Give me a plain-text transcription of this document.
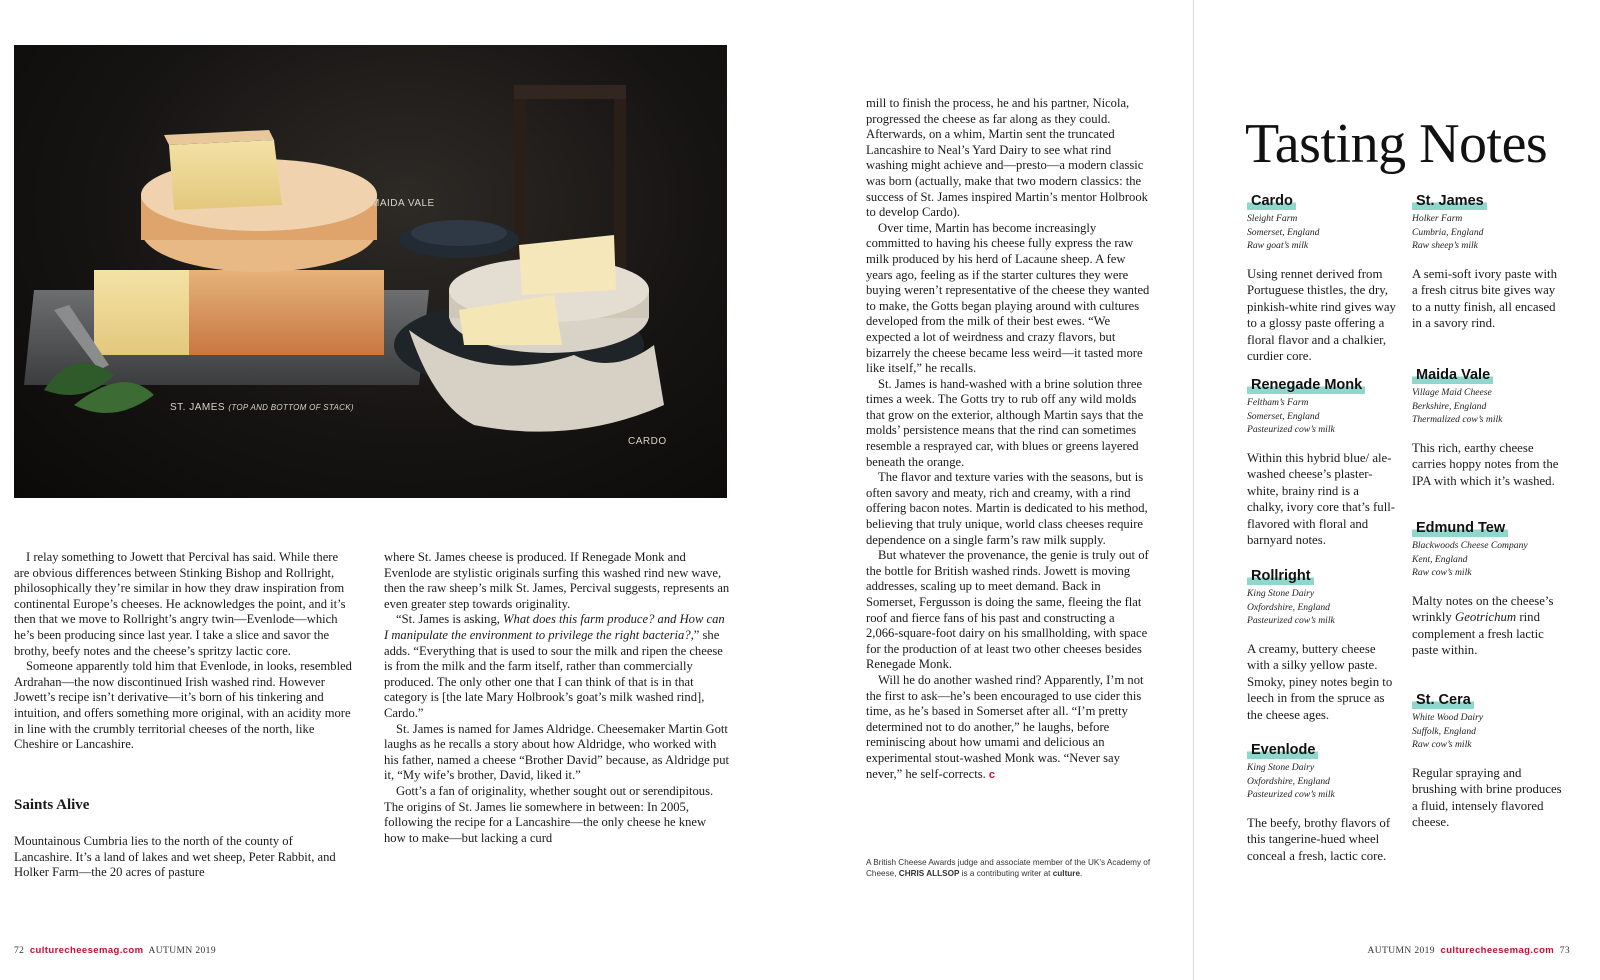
MAIDA VALE
ST. JAMES (TOP AND BOTTOM OF STACK)
CARDO

I relay something to Jowett that Percival has said. While there are obvious differences between Stinking Bishop and Rollright, philosophically they’re similar in how they draw inspiration from continental Europe’s cheeses. He acknowledges the point, and it’s then that we move to Rollright’s angry twin—Evenlode—which he’s been producing since last year. I take a slice and savor the brothy, beefy notes and the cheese’s spritzy lactic core.

Someone apparently told him that Evenlode, in looks, resembled Ardrahan—the now discontinued Irish washed rind. However Jowett’s recipe isn’t derivative—it’s born of his tinkering and intuition, and offers something more original, with an acidity more in line with the crumbly territorial cheeses of the north, like Cheshire or Lancashire.

Saints Alive

Mountainous Cumbria lies to the north of the county of Lancashire. It’s a land of lakes and wet sheep, Peter Rabbit, and Holker Farm—the 20 acres of pasture

where St. James cheese is produced. If Renegade Monk and Evenlode are stylistic originals surfing this washed rind new wave, then the raw sheep’s milk St. James, Percival suggests, represents an even greater step towards originality.

“St. James is asking, What does this farm produce? and How can I manipulate the environment to privilege the right bacteria?,” she adds. “Everything that is used to sour the milk and ripen the cheese is from the milk and the farm itself, rather than commercially produced. The only other one that I can think of that is in that category is [the late Mary Holbrook’s goat’s milk washed rind], Cardo.”

St. James is named for James Aldridge. Cheesemaker Martin Gott laughs as he recalls a story about how Aldridge, who worked with his father, named a cheese “Brother David” because, as Aldridge put it, “My wife’s brother, David, liked it.”

Gott’s a fan of originality, whether sought out or serendipitous. The origins of St. James lie somewhere in between: In 2005, following the recipe for a Lancashire—the only cheese he knew how to make—but lacking a curd

mill to finish the process, he and his partner, Nicola, progressed the cheese as far along as they could. Afterwards, on a whim, Martin sent the truncated Lancashire to Neal’s Yard Dairy to see what rind washing might achieve and—presto—a modern classic was born (actually, make that two modern classics: the success of St. James inspired Martin’s mentor Holbrook to develop Cardo).

Over time, Martin has become increasingly committed to having his cheese fully express the raw milk produced by his herd of Lacaune sheep. A few years ago, feeling as if the starter cultures they were buying weren’t representative of the cheese they wanted to make, the Gotts began playing around with cultures developed from the milk of their best ewes. “We expected a lot of weirdness and crazy flavors, but bizarrely the cheese became less weird—it tasted more like itself,” he recalls.

St. James is hand-washed with a brine solution three times a week. The Gotts try to rub off any wild molds that grow on the exterior, although Martin says that the molds’ persistence means that the rind can sometimes resemble a resprayed car, with blues or greens layered beneath the orange.

The flavor and texture varies with the seasons, but is often savory and meaty, rich and creamy, with a rind offering bacon notes. Martin is dedicated to his method, believing that truly unique, world class cheeses require dependence on a single farm’s raw milk supply.

But whatever the provenance, the genie is truly out of the bottle for British washed rinds. Jowett is moving addresses, scaling up to meet demand. Back in Somerset, Fergusson is doing the same, fleeing the flat roof and fierce fans of his past and constructing a 2,066-square-foot dairy on his smallholding, with space for the production of at least two other cheeses besides Renegade Monk.

Will he do another washed rind? Apparently, I’m not the first to ask—he’s been encouraged to use cider this time, as he’s based in Somerset after all. “I’m pretty determined not to do another,” he laughs, before reminiscing about how umami and delicious an experimental stout-washed Monk was. “Never say never,” he self-corrects. c

A British Cheese Awards judge and associate member of the UK’s Academy of Cheese, CHRIS ALLSOP is a contributing writer at culture.
72 culturecheesemag.com AUTUMN 2019	AUTUMN 2019 culturecheesemag.com 73
Tasting Notes
Cardo
Sleight Farm
Somerset, England
Raw goat’s milk
Using rennet derived from Portuguese thistles, the dry, pinkish-white rind gives way to a glossy paste offering a floral flavor and a chalkier, curdier core.
Renegade Monk
Feltham’s Farm
Somerset, England
Pasteurized cow’s milk
Within this hybrid blue/ ale-washed cheese’s plaster-white, brainy rind is a chalky, ivory core that’s full-flavored with floral and barnyard notes.
Rollright
King Stone Dairy
Oxfordshire, England
Pasteurized cow’s milk
A creamy, buttery cheese with a silky yellow paste. Smoky, piney notes begin to leech in from the spruce as the cheese ages.
Evenlode
King Stone Dairy
Oxfordshire, England
Pasteurized cow’s milk
The beefy, brothy flavors of this tangerine-hued wheel conceal a fresh, lactic core.
St. James
Holker Farm
Cumbria, England
Raw sheep’s milk
A semi-soft ivory paste with a fresh citrus bite gives way to a nutty finish, all encased in a savory rind.
Maida Vale
Village Maid Cheese
Berkshire, England
Thermalized cow’s milk
This rich, earthy cheese carries hoppy notes from the IPA with which it’s washed.
Edmund Tew
Blackwoods Cheese Company
Kent, England
Raw cow’s milk
Malty notes on the cheese’s wrinkly Geotrichum rind complement a fresh lactic paste within.
St. Cera
White Wood Dairy
Suffolk, England
Raw cow’s milk
Regular spraying and brushing with brine produces a fluid, intensely flavored cheese.
